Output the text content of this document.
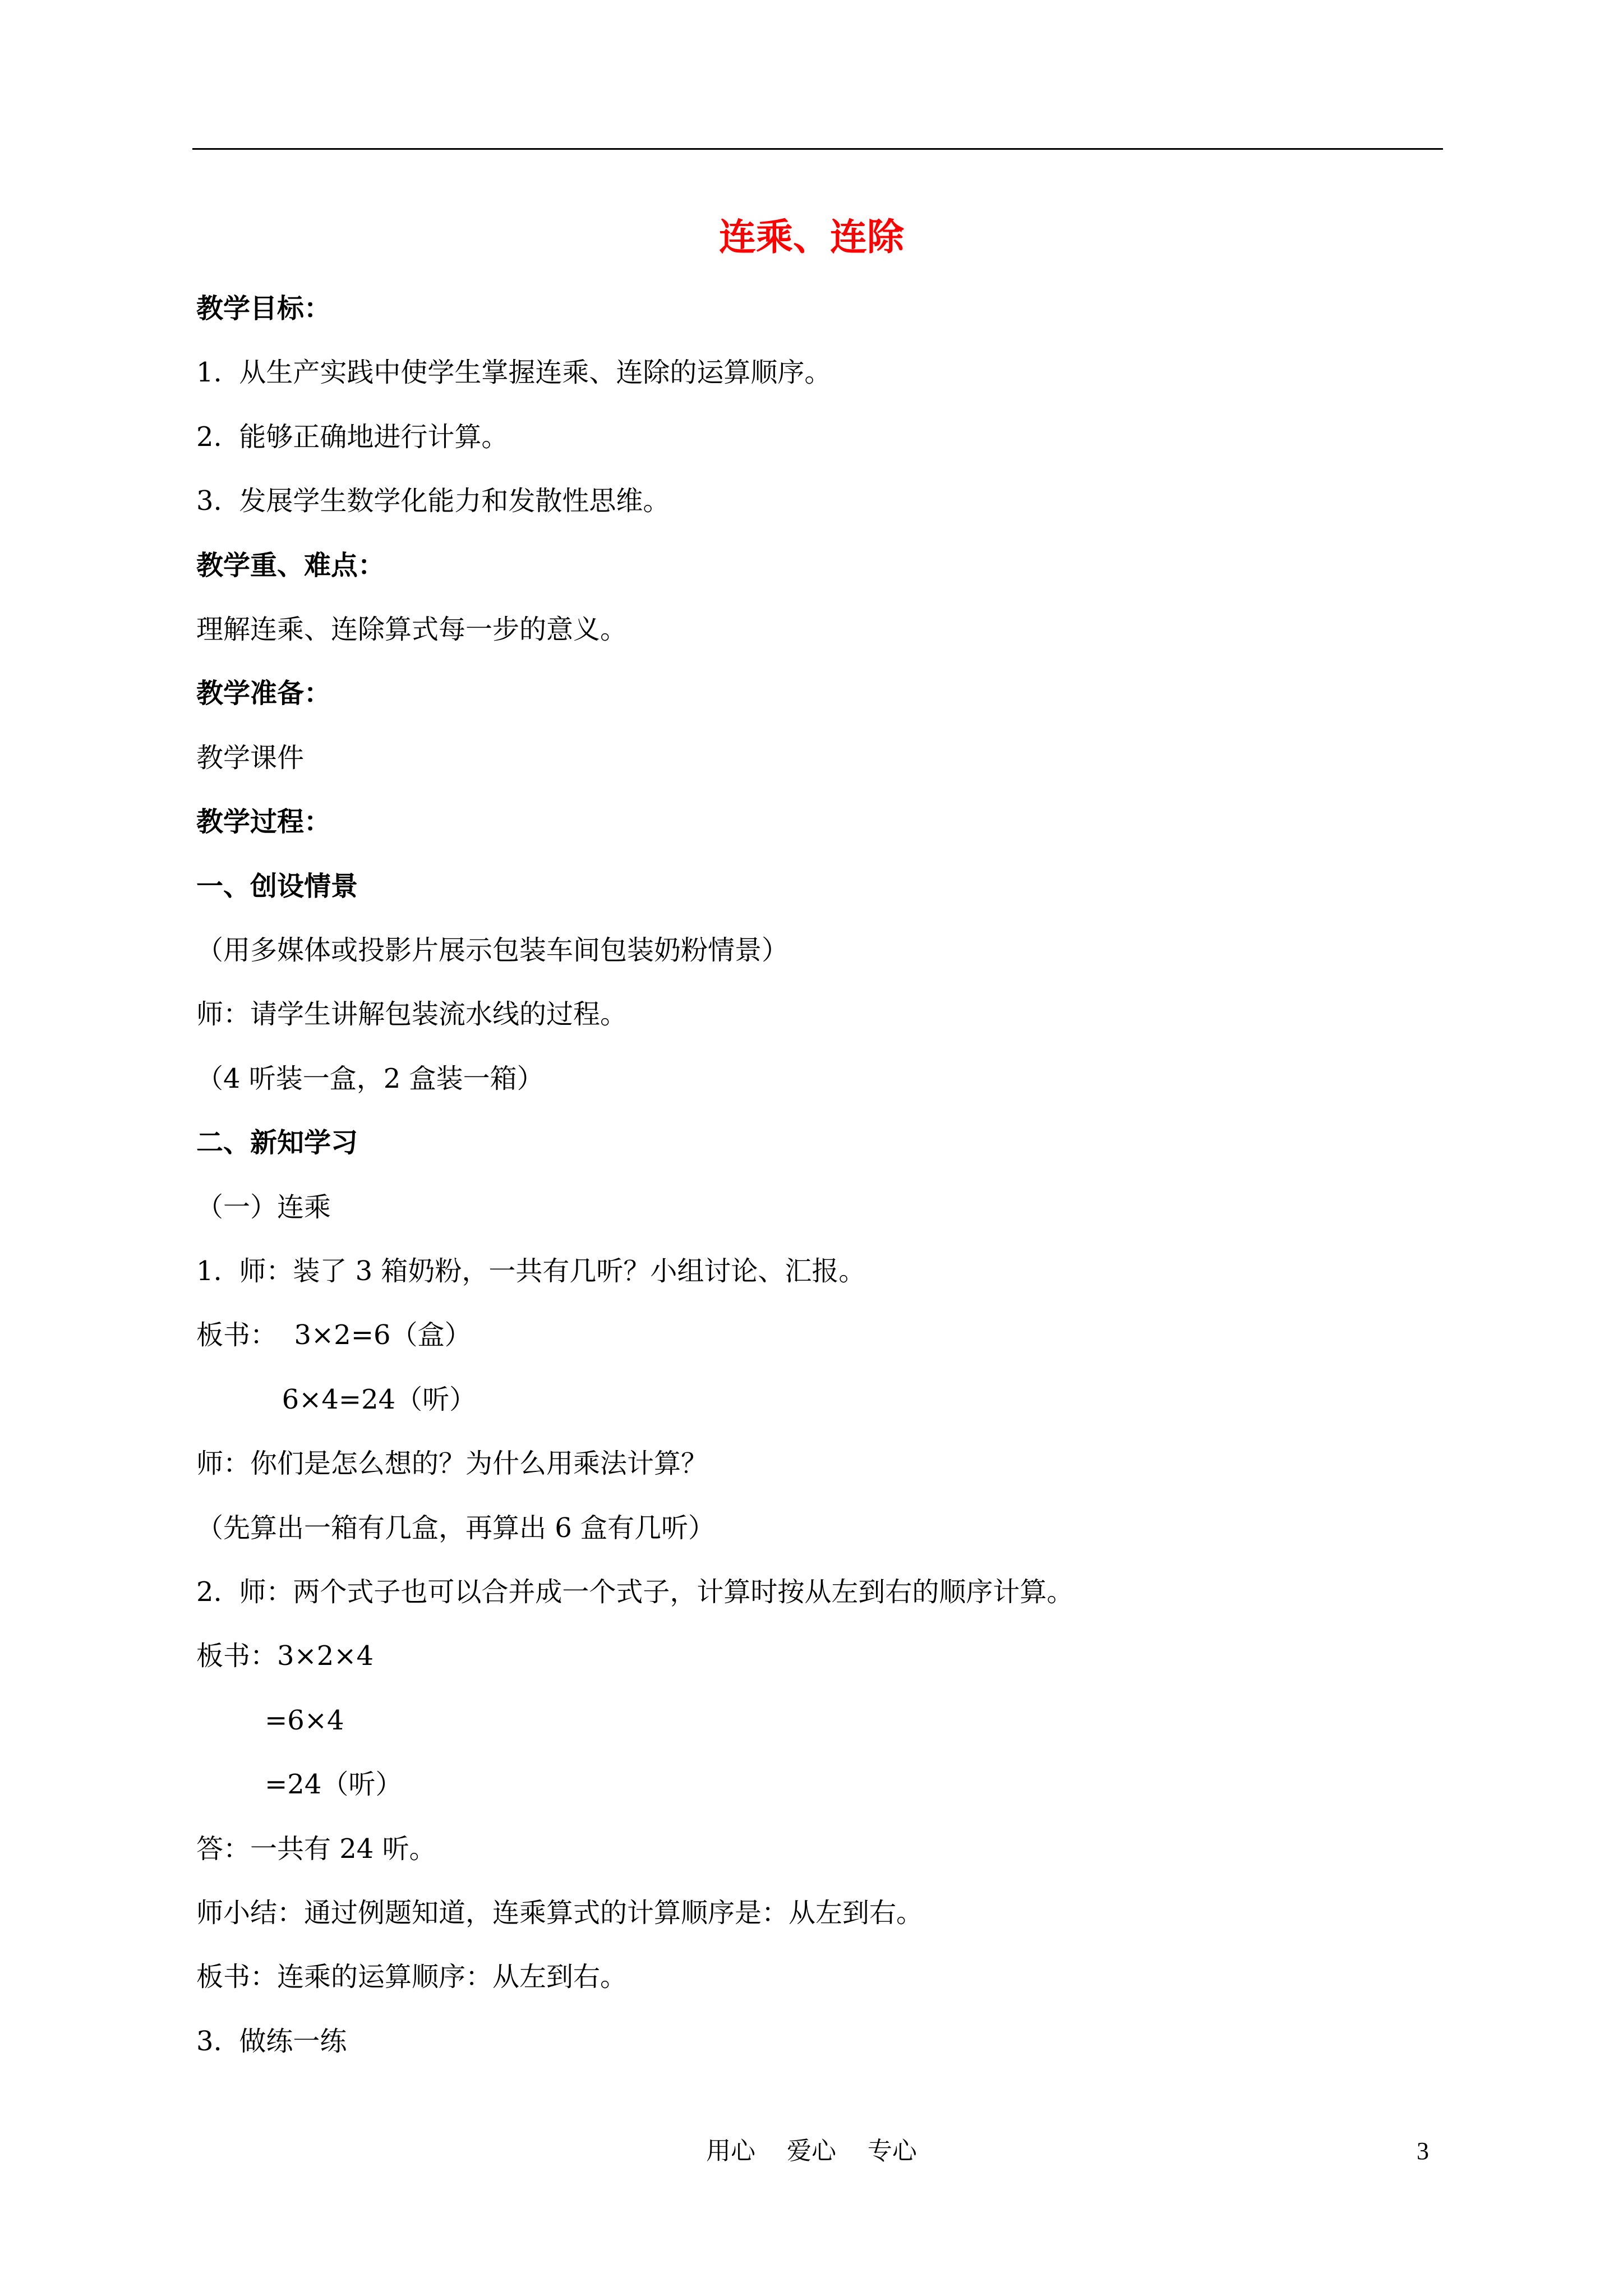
连乘、连除
教学目标：
1.  从生产实践中使学生掌握连乘、连除的运算顺序。
2.  能够正确地进行计算。
3.  发展学生数学化能力和发散性思维。
教学重、难点：
理解连乘、连除算式每一步的意义。
教学准备：
教学课件
教学过程：
一、创设情景
（用多媒体或投影片展示包装车间包装奶粉情景）
师：请学生讲解包装流水线的过程。
（4 听装一盒，2 盒装一箱）
二、新知学习
（一）连乘
1.  师：装了 3 箱奶粉，一共有几听？小组讨论、汇报。
板书：  3×2=6（盒）
6×4=24（听）
师：你们是怎么想的？为什么用乘法计算？
（先算出一箱有几盒，再算出 6 盒有几听）
2.  师：两个式子也可以合并成一个式子，计算时按从左到右的顺序计算。
板书：3×2×4
=6×4
=24（听）
答：一共有 24 听。
师小结：通过例题知道，连乘算式的计算顺序是：从左到右。
板书：连乘的运算顺序：从左到右。
3.  做练一练
用心    爱心    专心	3
